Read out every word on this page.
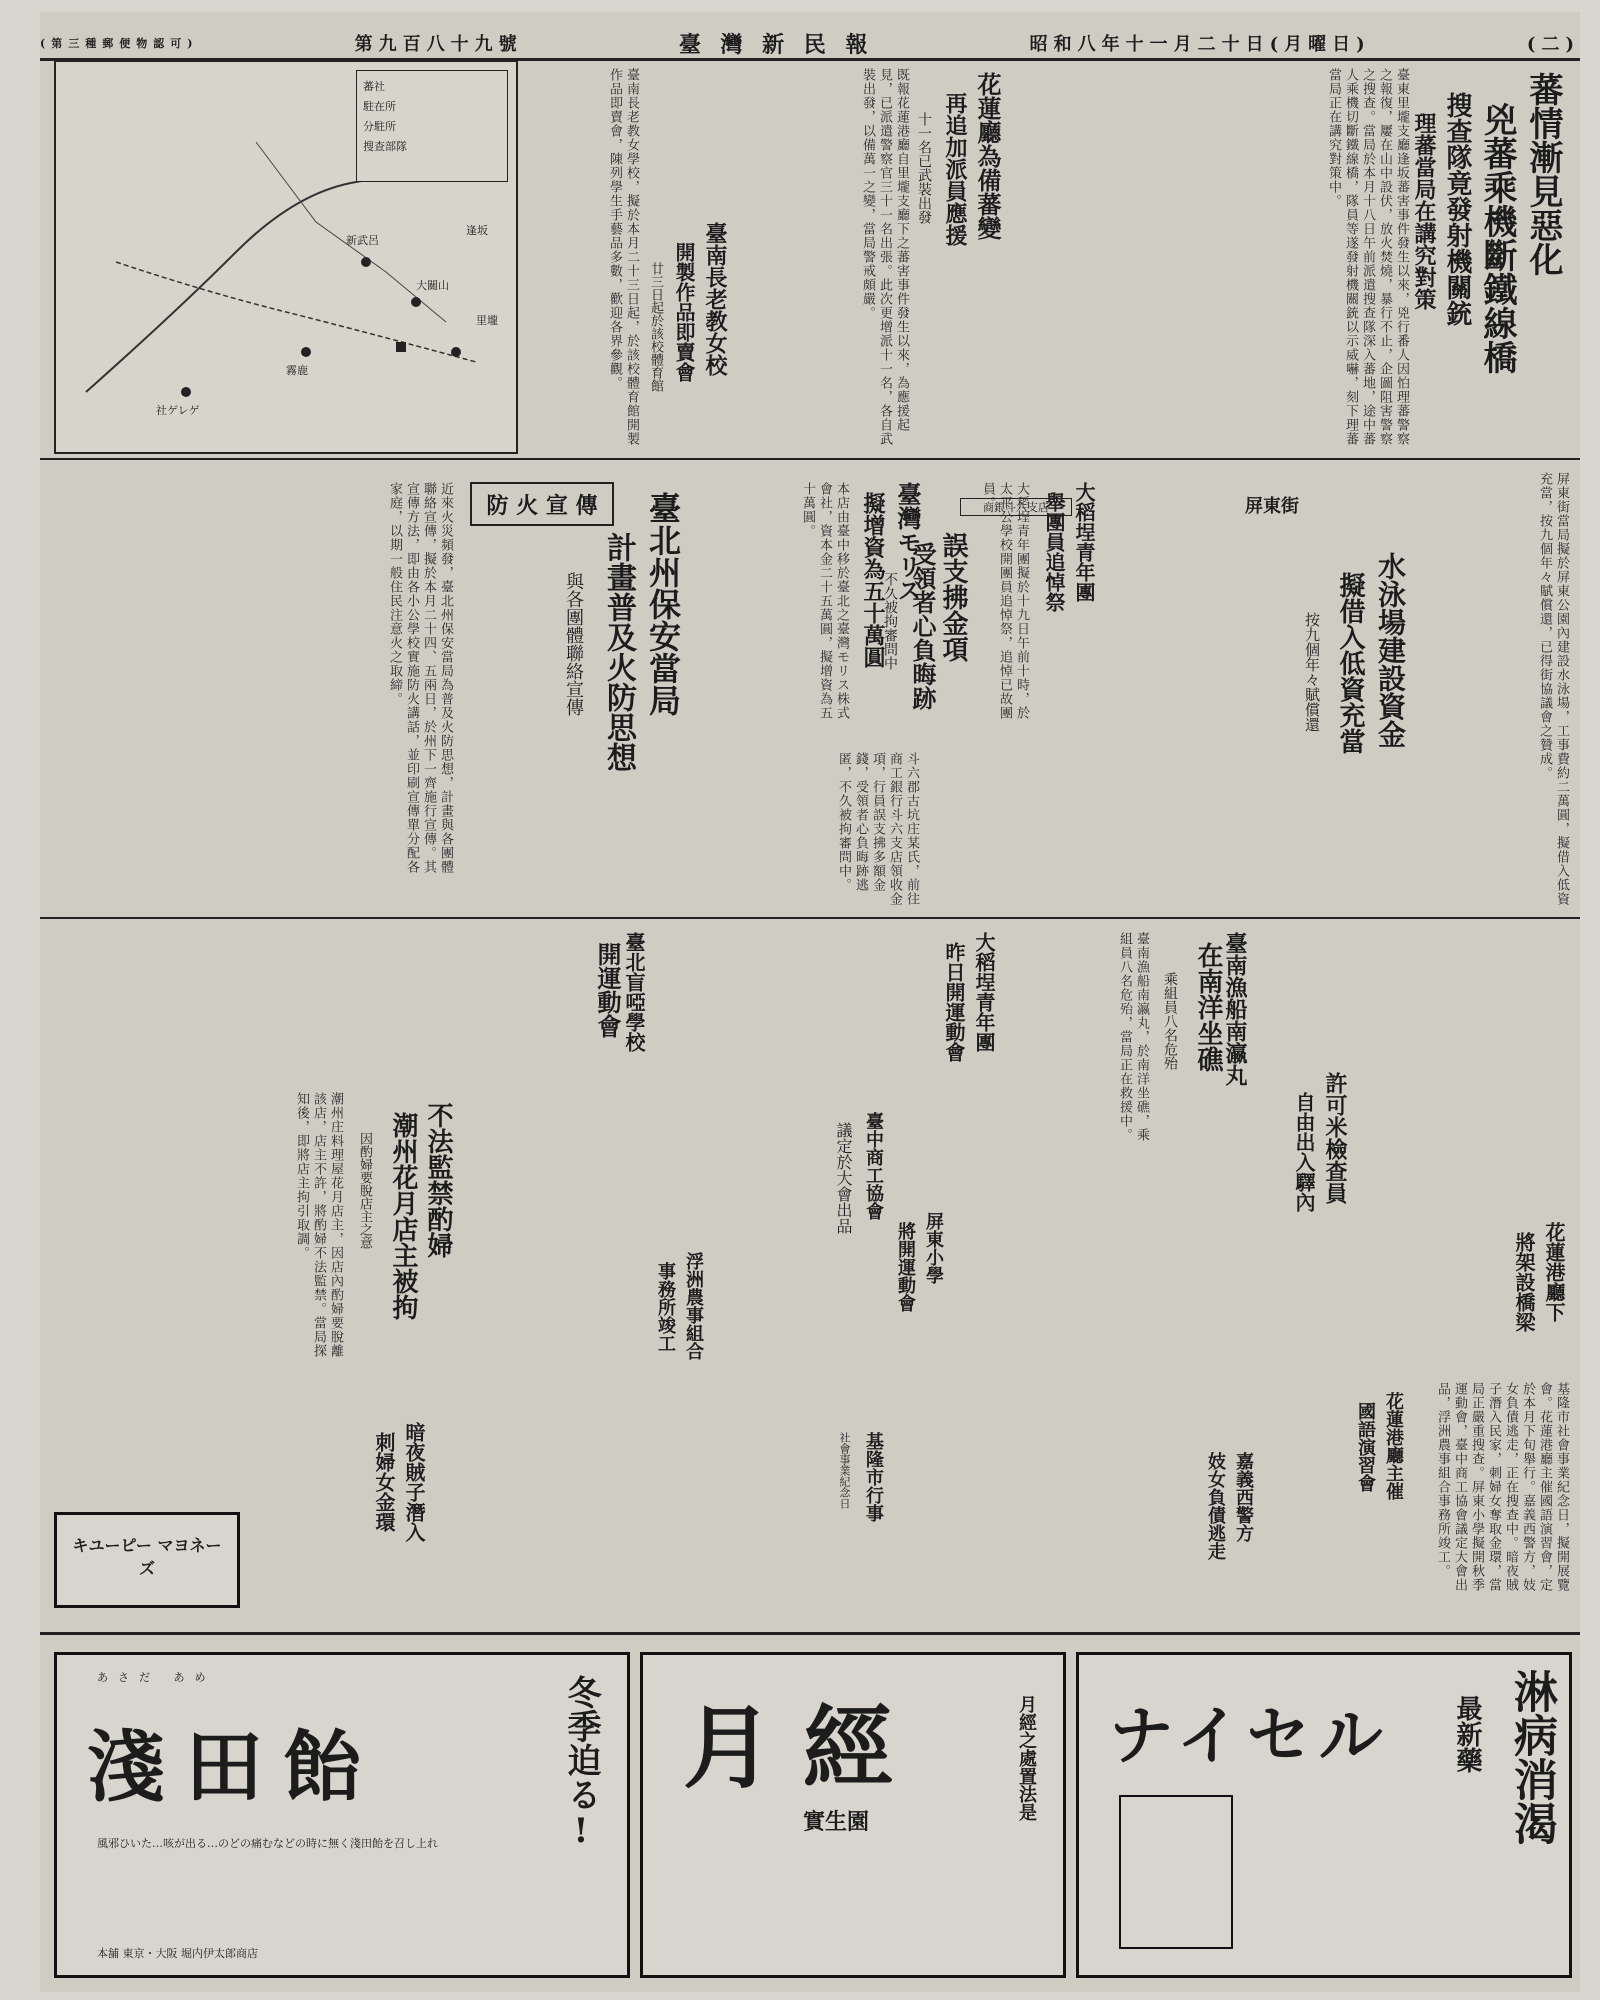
(第三種郵便物認可)	第九百八十九號	臺 灣 新 民 報	昭和八年十一月二十日(月曜日)	(二)
蕃社
駐在所
分駐所
搜查部隊
新武呂
大關山
霧鹿
逢坂
里壠
社ゲレゲ
蕃情漸見惡化
兇蕃乘機斷鐵線橋
搜查隊竟發射機關銃
理蕃當局在講究對策
臺東里壠支廳逢坂蕃害事件發生以來，兇行番人因怕理蕃警察之報復，屢在山中設伏，放火焚燒，暴行不止，企圖阻害警察之搜查。當局於本月十八日午前派遣搜查隊深入蕃地，途中蕃人乘機切斷鐵線橋，隊員等遂發射機關銃以示威嚇，刻下理蕃當局正在講究對策中。
花蓮廳為備蕃變
再追加派員應援
十一名已武裝出發
既報花蓮港廳自里壠支廳下之蕃害事件發生以來，為應援起見，已派遣警察官三十一名出張。此次更增派十一名，各自武裝出發，以備萬一之變，當局警戒頗嚴。
臺南長老教女校
開製作品即賣會
廿三日起於該校體育館
臺南長老教女學校，擬於本月二十三日起，於該校體育館開製作品即賣會，陳列學生手藝品多數，歡迎各界參觀。
防 火 宣 傳	臺北州保安當局
計畫普及火防思想
與各團體聯絡宣傳
近來火災頻發，臺北州保安當局為普及火防思想，計畫與各團體聯絡宣傳，擬於本月二十四、五兩日，於州下一齊施行宣傳。其宣傳方法，即由各小公學校實施防火講話，並印刷宣傳單分配各家庭，以期一般住民注意火之取締。	臺灣モリス
擬增資為五十萬圓
本店由臺中移於臺北之臺灣モリス株式會社，資本金二十五萬圓，擬增資為五十萬圓。	大稻埕青年團
舉團員追悼祭
大稻埕青年團擬於十九日午前十時，於太平公學校開團員追悼祭，追悼已故團員。
商銀斗六支店
誤支拂金項
受領者心負晦跡
不久被拘審問中
斗六郡古坑庄某氏，前往商工銀行斗六支店領收金項，行員誤支拂多額金錢，受領者心負晦跡逃匿，不久被拘審問中。
屏東街
水泳場建設資金
擬借入低資充當
按九個年々賦償還	屏東街當局擬於屏東公園內建設水泳場，工事費約二萬圓，擬借入低資充當，按九個年々賦償還，已得街協議會之贊成。
臺南漁船南瀛丸
在南洋坐礁
乘組員八名危殆
臺南漁船南瀛丸，於南洋坐礁，乘組員八名危殆，當局正在救援中。
大稻埕青年團
昨日開運動會
臺北盲啞學校
開運動會
不法監禁酌婦
潮州花月店主被拘
因酌婦要脫店主之意
潮州庄料理屋花月店主，因店內酌婦要脫離該店，店主不許，將酌婦不法監禁。當局探知後，即將店主拘引取調。	許可米檢查員
自由出入驛內
花蓮港廳下
將架設橋梁
屏東小學
將開運動會
臺中商工協會
議定於大會出品
浮洲農事組合
事務所竣工
基隆市社會事業紀念日，擬開展覽會。花蓮港廳主催國語演習會，定於本月下旬舉行。嘉義西警方，妓女負債逃走，正在搜查中。暗夜賊子潛入民家，刺婦女奪取金環，當局正嚴重搜查。屏東小學擬開秋季運動會，臺中商工協會議定大會出品，浮洲農事組合事務所竣工。
基隆市行事
社會事業紀念日	花蓮港廳主催
國語演習會
嘉義西警方
妓女負債逃走
暗夜賊子潛入
刺婦女金環
キユーピー マヨネーズ
あさだ あめ
淺田飴	冬季迫る!
風邪ひいた…咳が出る…のどの痛むなどの時に無く淺田飴を召し上れ
本舗 東京・大阪 堀内伊太郎商店
月經
實生園
月經之處置法是 ナイセル	淋病消渴
最新藥
